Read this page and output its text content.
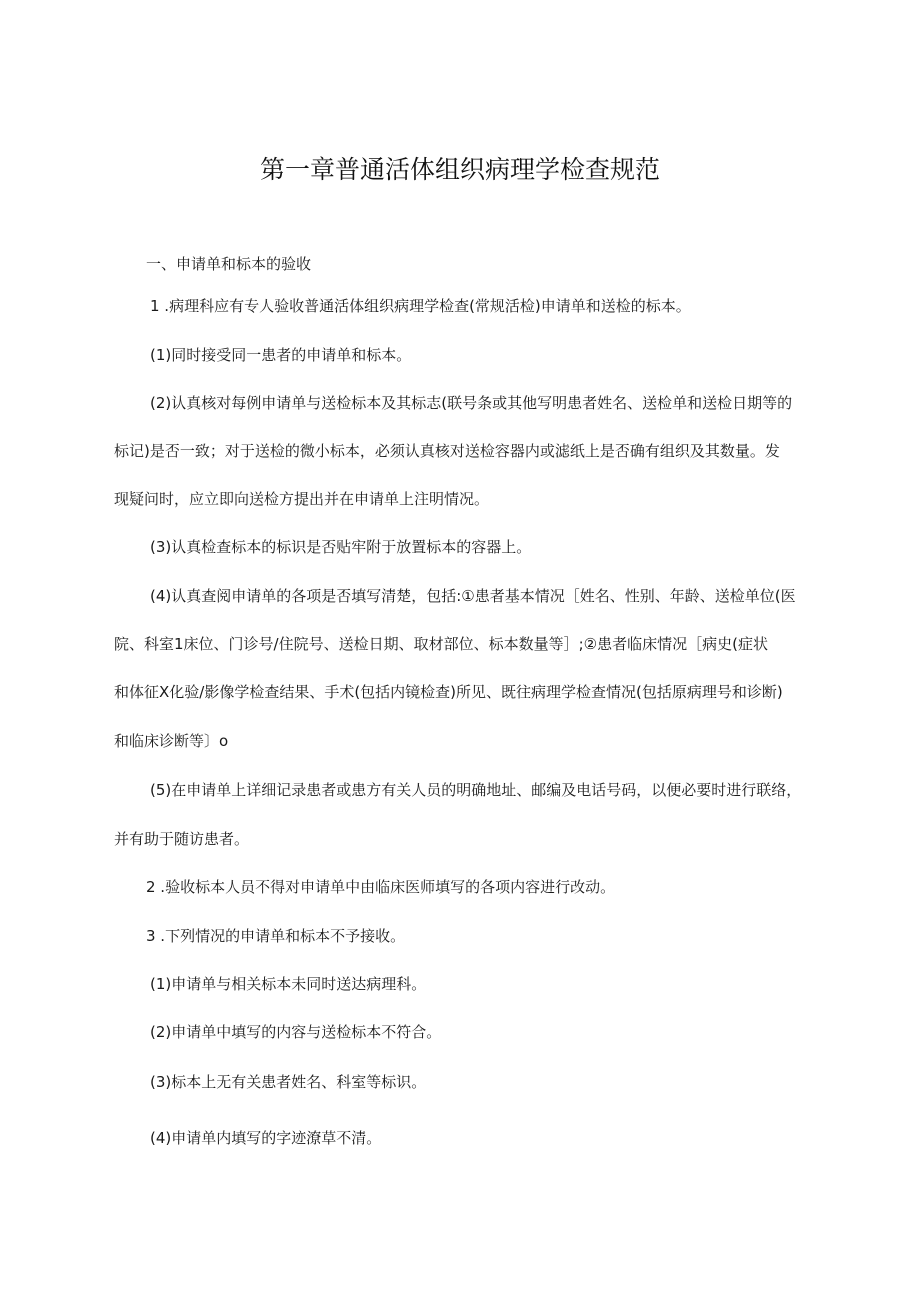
第一章普通活体组织病理学检查规范
一、申请单和标本的验收
1 .病理科应有专人验收普通活体组织病理学检查(常规活检)申请单和送检的标本。
(1)同时接受同一患者的申请单和标本。
(2)认真核对每例申请单与送检标本及其标志(联号条或其他写明患者姓名、送检单和送检日期等的
标记)是否一致；对于送检的微小标本，必须认真核对送检容器内或滤纸上是否确有组织及其数量。发
现疑问时，应立即向送检方提出并在申请单上注明情况。
(3)认真检查标本的标识是否贴牢附于放置标本的容器上。
(4)认真查阅申请单的各项是否填写清楚，包括:①患者基本情况［姓名、性别、年龄、送检单位(医
院、科室1床位、门诊号/住院号、送检日期、取材部位、标本数量等］;②患者临床情况［病史(症状
和体征X化验/影像学检查结果、手术(包括内镜检查)所见、既往病理学检查情况(包括原病理号和诊断)
和临床诊断等〕o
(5)在申请单上详细记录患者或患方有关人员的明确地址、邮编及电话号码，以便必要时进行联络，
并有助于随访患者。
2 .验收标本人员不得对申请单中由临床医师填写的各项内容进行改动。
3 .下列情况的申请单和标本不予接收。
(1)申请单与相关标本未同时送达病理科。
(2)申请单中填写的内容与送检标本不符合。
(3)标本上无有关患者姓名、科室等标识。
(4)申请单内填写的字迹潦草不清。
